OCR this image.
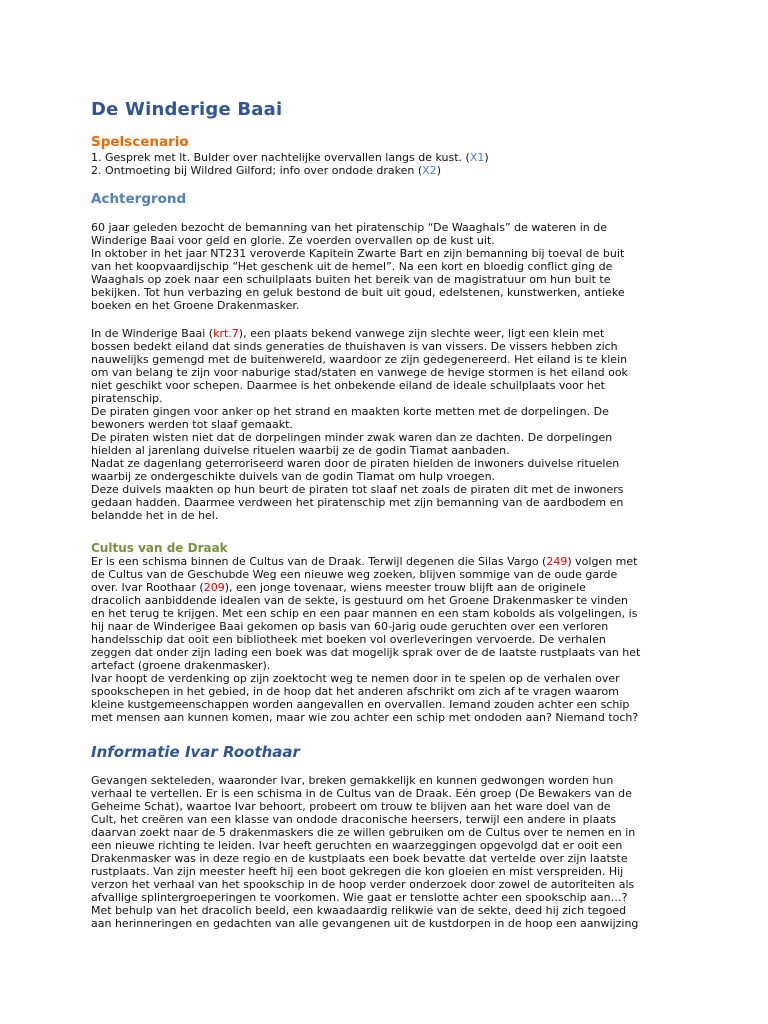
De Winderige Baai
Spelscenario
1. Gesprek met lt. Bulder over nachtelijke overvallen langs de kust. (X1)
2. Ontmoeting bij Wildred Gilford; info over ondode draken (X2)
Achtergrond
60 jaar geleden bezocht de bemanning van het piratenschip “De Waaghals” de wateren in de
Winderige Baai voor geld en glorie. Ze voerden overvallen op de kust uit.
In oktober in het jaar NT231 veroverde Kapitein Zwarte Bart en zijn bemanning bij toeval de buit
van het koopvaardijschip “Het geschenk uit de hemel”. Na een kort en bloedig conflict ging de
Waaghals op zoek naar een schuilplaats buiten het bereik van de magistratuur om hun buit te
bekijken. Tot hun verbazing en geluk bestond de buit uit goud, edelstenen, kunstwerken, antieke
boeken en het Groene Drakenmasker.
In de Winderige Baai (krt.7), een plaats bekend vanwege zijn slechte weer, ligt een klein met
bossen bedekt eiland dat sinds generaties de thuishaven is van vissers. De vissers hebben zich
nauwelijks gemengd met de buitenwereld, waardoor ze zijn gedegenereerd. Het eiland is te klein
om van belang te zijn voor naburige stad/staten en vanwege de hevige stormen is het eiland ook
niet geschikt voor schepen. Daarmee is het onbekende eiland de ideale schuilplaats voor het
piratenschip.
De piraten gingen voor anker op het strand en maakten korte metten met de dorpelingen. De
bewoners werden tot slaaf gemaakt.
De piraten wisten niet dat de dorpelingen minder zwak waren dan ze dachten. De dorpelingen
hielden al jarenlang duivelse rituelen waarbij ze de godin Tiamat aanbaden.
Nadat ze dagenlang geterroriseerd waren door de piraten hielden de inwoners duivelse rituelen
waarbij ze ondergeschikte duivels van de godin Tiamat om hulp vroegen.
Deze duivels maakten op hun beurt de piraten tot slaaf net zoals de piraten dit met de inwoners
gedaan hadden. Daarmee verdween het piratenschip met zijn bemanning van de aardbodem en
belandde het in de hel.
Cultus van de Draak
Er is een schisma binnen de Cultus van de Draak. Terwijl degenen die Silas Vargo (249) volgen met
de Cultus van de Geschubde Weg een nieuwe weg zoeken, blijven sommige van de oude garde
over. Ivar Roothaar (209), een jonge tovenaar, wiens meester trouw blijft aan de originele
dracolich aanbiddende idealen van de sekte, is gestuurd om het Groene Drakenmasker te vinden
en het terug te krijgen. Met een schip en een paar mannen en een stam kobolds als volgelingen, is
hij naar de Winderigee Baai gekomen op basis van 60-jarig oude geruchten over een verloren
handelsschip dat ooit een bibliotheek met boeken vol overleveringen vervoerde. De verhalen
zeggen dat onder zijn lading een boek was dat mogelijk sprak over de de laatste rustplaats van het
artefact (groene drakenmasker).
Ivar hoopt de verdenking op zijn zoektocht weg te nemen door in te spelen op de verhalen over
spookschepen in het gebied, in de hoop dat het anderen afschrikt om zich af te vragen waarom
kleine kustgemeenschappen worden aangevallen en overvallen. Iemand zouden achter een schip
met mensen aan kunnen komen, maar wie zou achter een schip met ondoden aan? Niemand toch?
Informatie Ivar Roothaar
Gevangen sekteleden, waaronder Ivar, breken gemakkelijk en kunnen gedwongen worden hun
verhaal te vertellen. Er is een schisma in de Cultus van de Draak. Eén groep (De Bewakers van de
Geheime Schat), waartoe Ivar behoort, probeert om trouw te blijven aan het ware doel van de
Cult, het creëren van een klasse van ondode draconische heersers, terwijl een andere in plaats
daarvan zoekt naar de 5 drakenmaskers die ze willen gebruiken om de Cultus over te nemen en in
een nieuwe richting te leiden. Ivar heeft geruchten en waarzeggingen opgevolgd dat er ooit een
Drakenmasker was in deze regio en de kustplaats een boek bevatte dat vertelde over zijn laatste
rustplaats. Van zijn meester heeft hij een boot gekregen die kon gloeien en mist verspreiden. Hij
verzon het verhaal van het spookschip in de hoop verder onderzoek door zowel de autoriteiten als
afvallige splintergroeperingen te voorkomen. Wie gaat er tenslotte achter een spookschip aan…?
Met behulp van het dracolich beeld, een kwaadaardig relikwie van de sekte, deed hij zich tegoed
aan herinneringen en gedachten van alle gevangenen uit de kustdorpen in de hoop een aanwijzing
